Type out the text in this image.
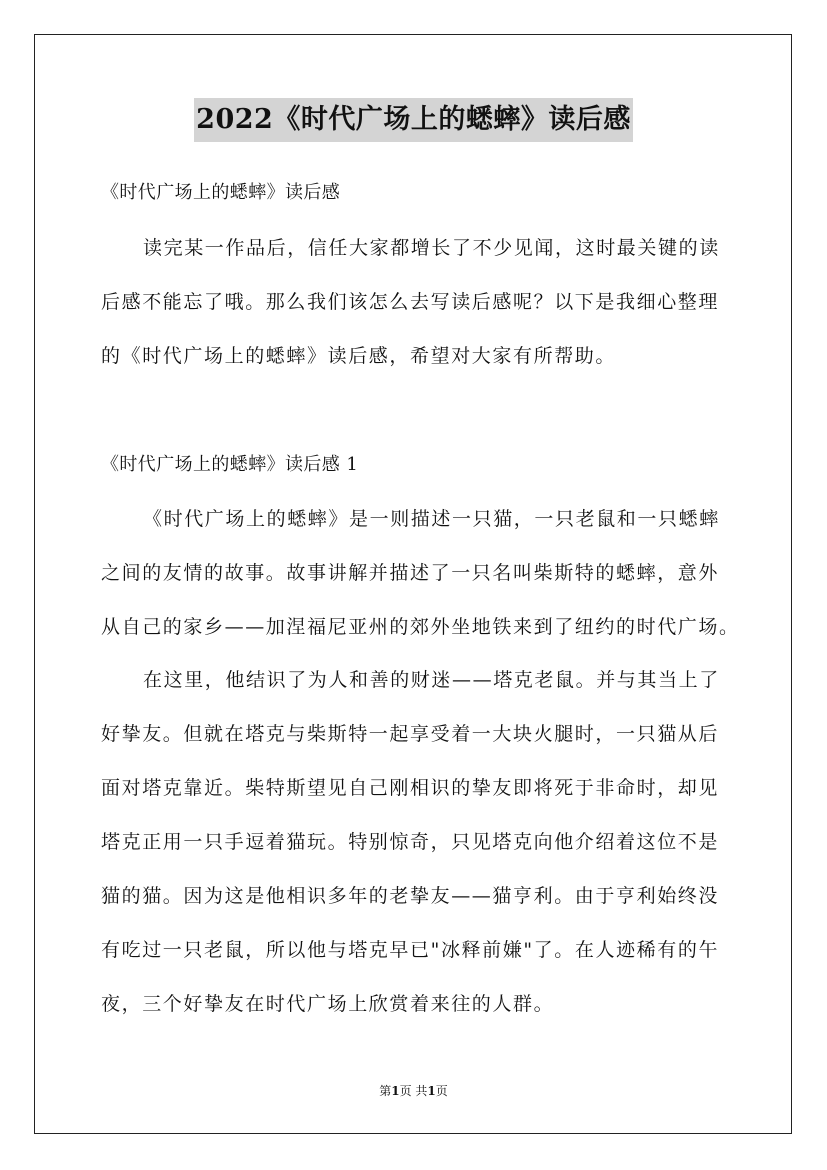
2022《时代广场上的蟋蟀》读后感
《时代广场上的蟋蟀》读后感
读完某一作品后，信任大家都增长了不少见闻，这时最关键的读
后感不能忘了哦。那么我们该怎么去写读后感呢？以下是我细心整理
的《时代广场上的蟋蟀》读后感，希望对大家有所帮助。
《时代广场上的蟋蟀》读后感 1
《时代广场上的蟋蟀》是一则描述一只猫，一只老鼠和一只蟋蟀
之间的友情的故事。故事讲解并描述了一只名叫柴斯特的蟋蟀，意外
从自己的家乡——加涅福尼亚州的郊外坐地铁来到了纽约的时代广场。
在这里，他结识了为人和善的财迷——塔克老鼠。并与其当上了
好挚友。但就在塔克与柴斯特一起享受着一大块火腿时，一只猫从后
面对塔克靠近。柴特斯望见自己刚相识的挚友即将死于非命时，却见
塔克正用一只手逗着猫玩。特别惊奇，只见塔克向他介绍着这位不是
猫的猫。因为这是他相识多年的老挚友——猫亨利。由于亨利始终没
有吃过一只老鼠，所以他与塔克早已"冰释前嫌"了。在人迹稀有的午
夜，三个好挚友在时代广场上欣赏着来往的人群。
第1页 共1页
